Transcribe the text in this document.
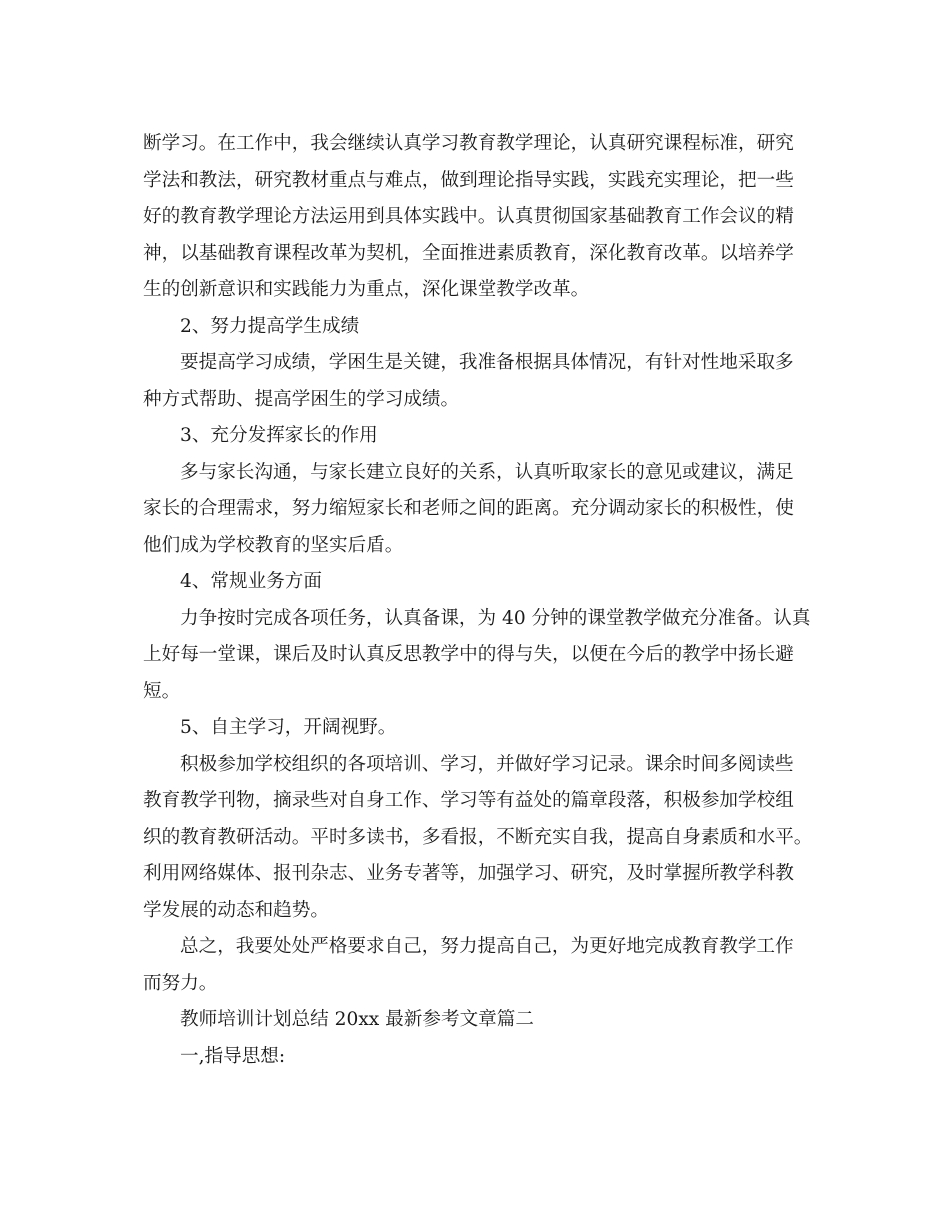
断学习。在工作中，我会继续认真学习教育教学理论，认真研究课程标准，研究
学法和教法，研究教材重点与难点，做到理论指导实践，实践充实理论，把一些
好的教育教学理论方法运用到具体实践中。认真贯彻国家基础教育工作会议的精
神，以基础教育课程改革为契机，全面推进素质教育，深化教育改革。以培养学
生的创新意识和实践能力为重点，深化课堂教学改革。
2、努力提高学生成绩
要提高学习成绩，学困生是关键，我准备根据具体情况，有针对性地采取多
种方式帮助、提高学困生的学习成绩。
3、充分发挥家长的作用
多与家长沟通，与家长建立良好的关系，认真听取家长的意见或建议，满足
家长的合理需求，努力缩短家长和老师之间的距离。充分调动家长的积极性，使
他们成为学校教育的坚实后盾。
4、常规业务方面
力争按时完成各项任务，认真备课，为 40 分钟的课堂教学做充分准备。认真
上好每一堂课，课后及时认真反思教学中的得与失，以便在今后的教学中扬长避
短。
5、自主学习，开阔视野。
积极参加学校组织的各项培训、学习，并做好学习记录。课余时间多阅读些
教育教学刊物，摘录些对自身工作、学习等有益处的篇章段落，积极参加学校组
织的教育教研活动。平时多读书，多看报，不断充实自我，提高自身素质和水平。
利用网络媒体、报刊杂志、业务专著等，加强学习、研究，及时掌握所教学科教
学发展的动态和趋势。
总之，我要处处严格要求自己，努力提高自己，为更好地完成教育教学工作
而努力。
教师培训计划总结 20xx 最新参考文章篇二
一,指导思想:
